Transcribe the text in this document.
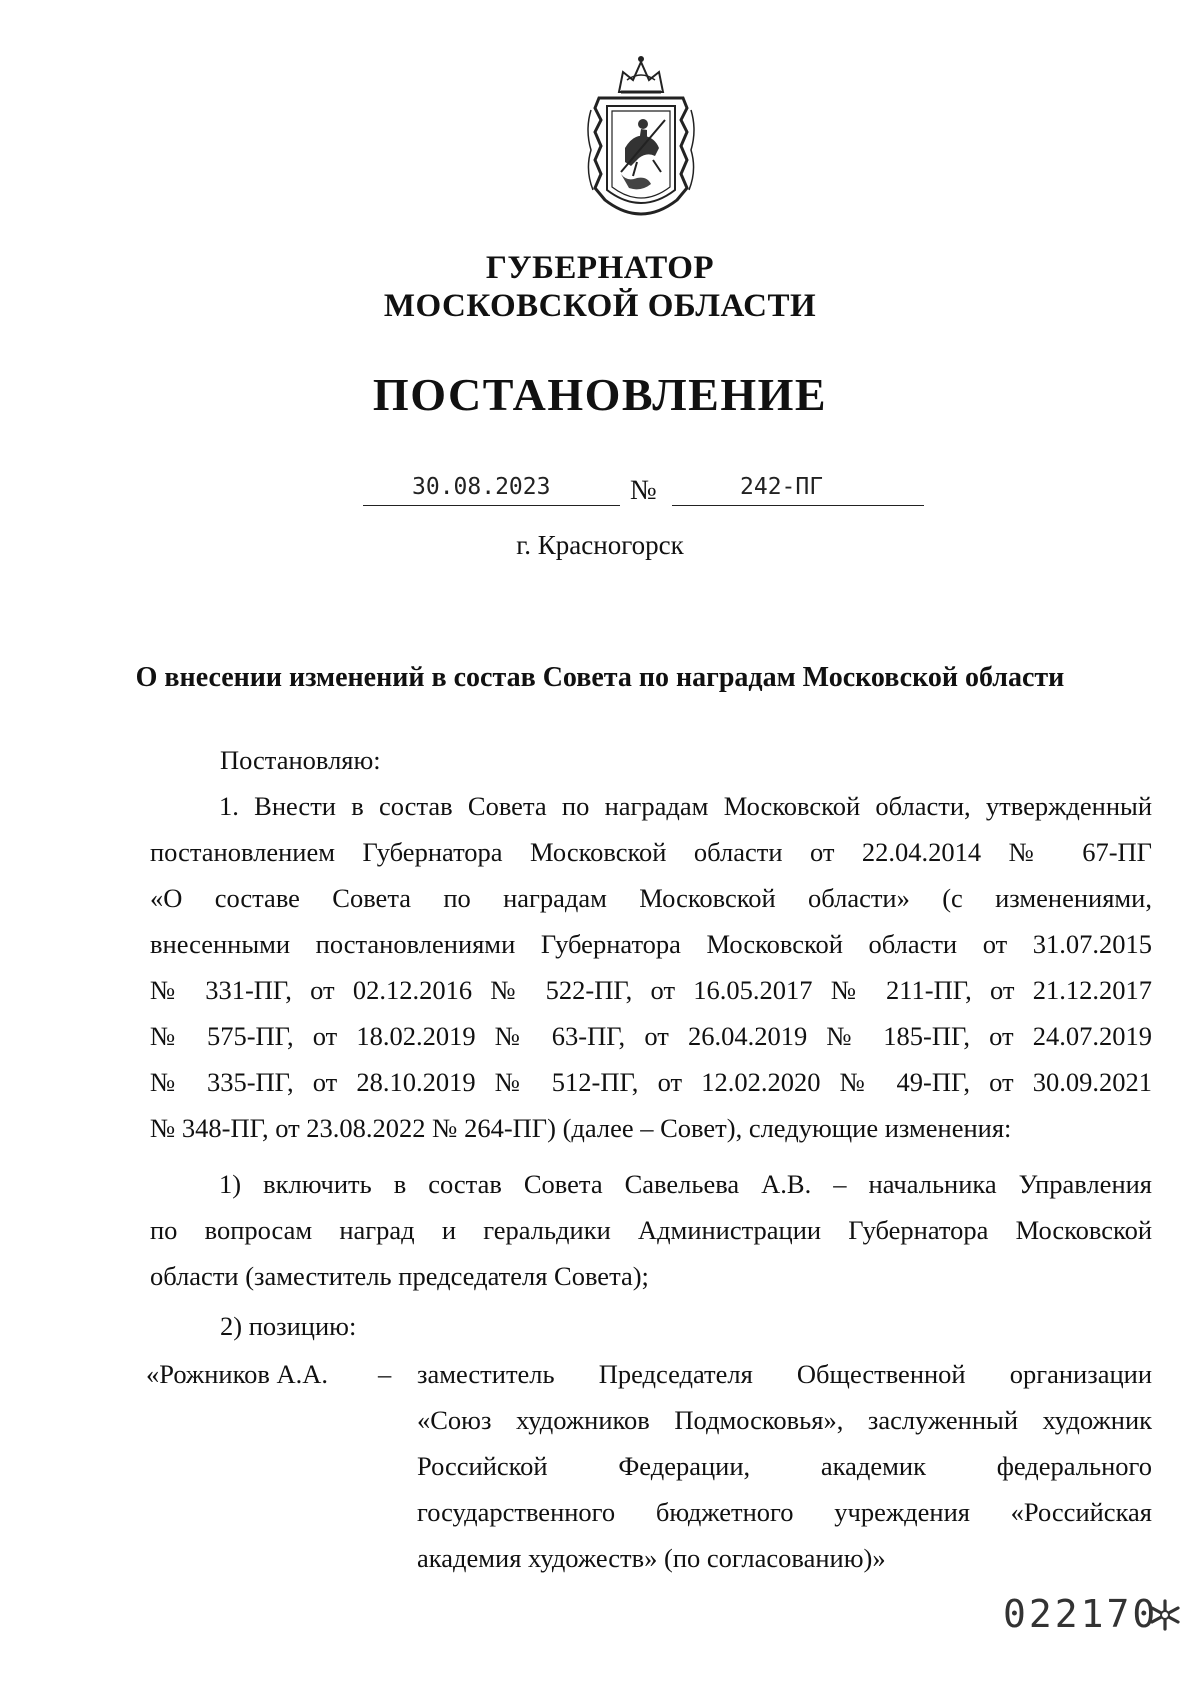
ГУБЕРНАТОР
МОСКОВСКОЙ ОБЛАСТИ
ПОСТАНОВЛЕНИЕ
30.08.2023	№	242-ПГ
г. Красногорск
О внесении изменений в состав Совета по наградам Московской области
Постановляю:
1. Внести в состав Совета по наградам Московской области, утвержденный
постановлением Губернатора Московской области от 22.04.2014 № 67-ПГ
«О составе Совета по наградам Московской области» (с изменениями,
внесенными постановлениями Губернатора Московской области от 31.07.2015
№ 331-ПГ, от 02.12.2016 № 522-ПГ, от 16.05.2017 № 211-ПГ, от 21.12.2017
№ 575-ПГ, от 18.02.2019 № 63-ПГ, от 26.04.2019 № 185-ПГ, от 24.07.2019
№ 335-ПГ, от 28.10.2019 № 512-ПГ, от 12.02.2020 № 49-ПГ, от 30.09.2021
№ 348-ПГ, от 23.08.2022 № 264-ПГ) (далее – Совет), следующие изменения:
1) включить в состав Совета Савельева А.В. – начальника Управления
по вопросам наград и геральдики Администрации Губернатора Московской
области (заместитель председателя Совета);
2) позицию:
«Рожников А.А. – заместитель Председателя Общественной организации
«Союз художников Подмосковья», заслуженный художник
Российской Федерации, академик федерального
государственного бюджетного учреждения «Российская
академия художеств» (по согласованию)»
022170
